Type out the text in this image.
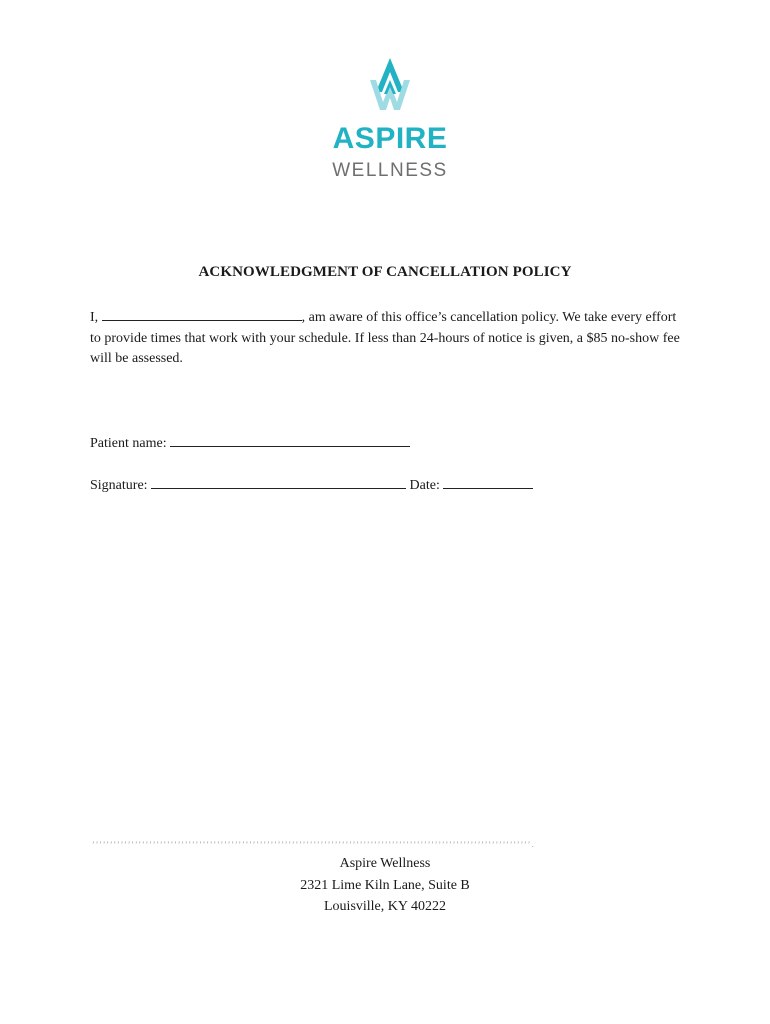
ASPIRE
WELLNESS
ACKNOWLEDGMENT OF CANCELLATION POLICY
I,	, am aware of this office’s cancellation policy. We take every effort to provide times that work with your schedule. If less than 24-hours of notice is given, a $85 no-show fee will be assessed.
Patient name:
Signature:	Date:
’’’’’’’’’’’’’’’’’’’’’’’’’’’’’’’’’’’’’’’’’’’’’’’’’’’’’’’’’’’’’’’’’’’’’’’’’’’’’’’’’’’’’’’’’’’’’’’’’’’’’’’’’’’’’’’’’’’’’’’’’’’.
Aspire Wellness
2321 Lime Kiln Lane, Suite B
Louisville, KY 40222
